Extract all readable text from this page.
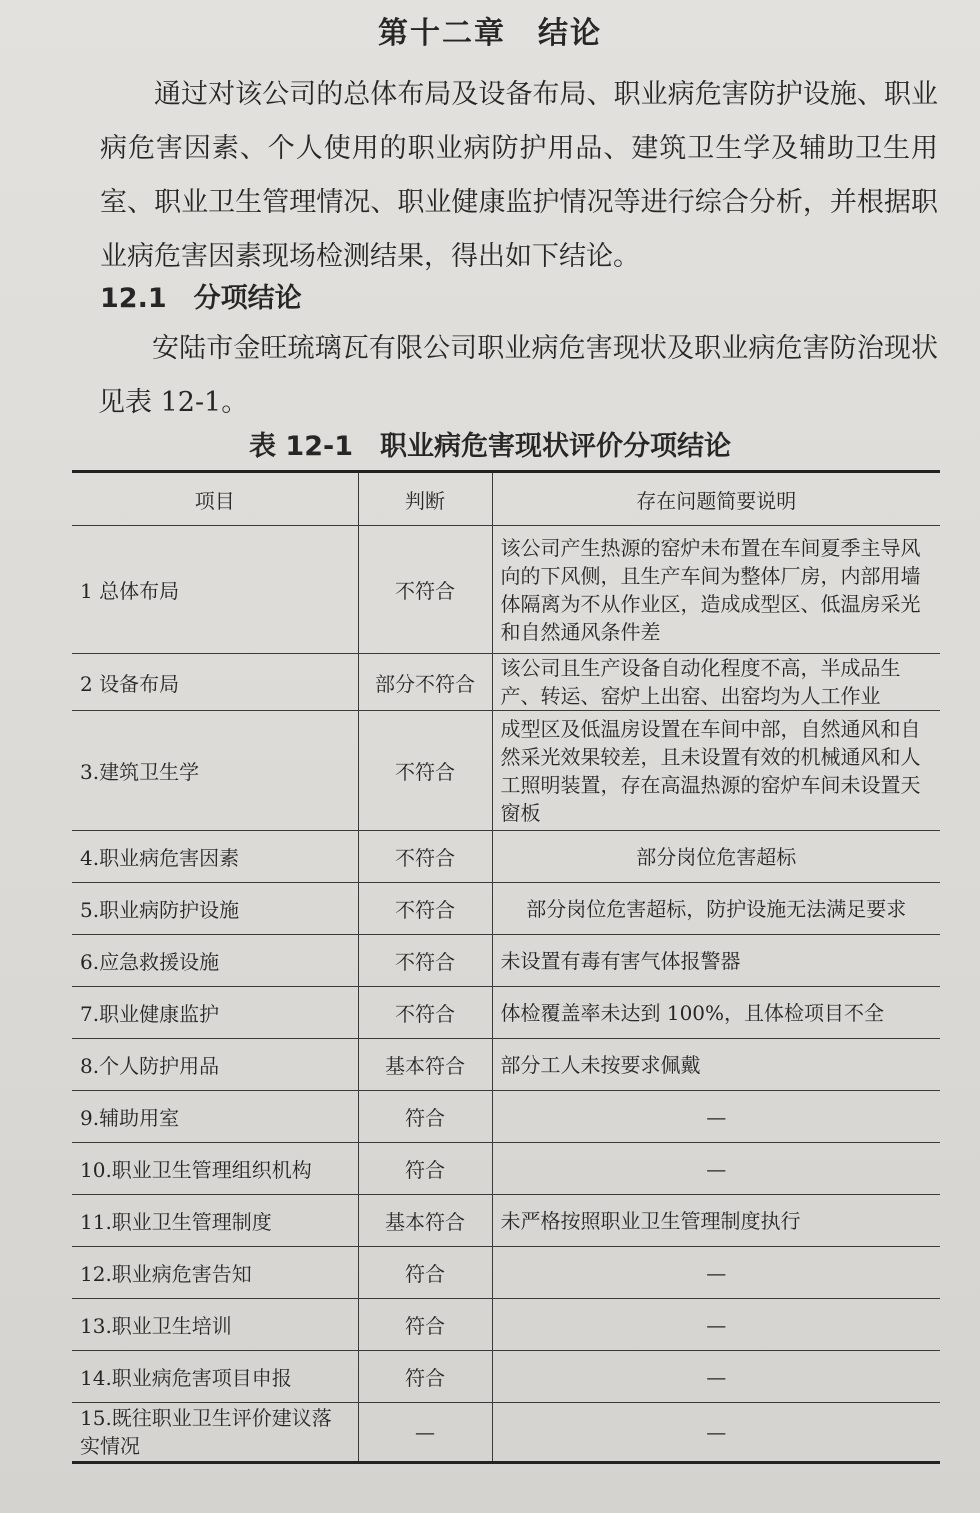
第十二章　结论

通过对该公司的总体布局及设备布局、职业病危害防护设施、职业病危害因素、个人使用的职业病防护用品、建筑卫生学及辅助卫生用室、职业卫生管理情况、职业健康监护情况等进行综合分析，并根据职业病危害因素现场检测结果，得出如下结论。

12.1　分项结论

安陆市金旺琉璃瓦有限公司职业病危害现状及职业病危害防治现状见表 12-1。

表 12-1　职业病危害现状评价分项结论
项目	判断	存在问题简要说明
1 总体布局	不符合	该公司产生热源的窑炉未布置在车间夏季主导风向的下风侧，且生产车间为整体厂房，内部用墙体隔离为不从作业区，造成成型区、低温房采光和自然通风条件差
2 设备布局	部分不符合	该公司且生产设备自动化程度不高，半成品生产、转运、窑炉上出窑、出窑均为人工作业
3.建筑卫生学	不符合	成型区及低温房设置在车间中部，自然通风和自然采光效果较差，且未设置有效的机械通风和人工照明装置，存在高温热源的窑炉车间未设置天窗板
4.职业病危害因素	不符合	部分岗位危害超标
5.职业病防护设施	不符合	部分岗位危害超标，防护设施无法满足要求
6.应急救援设施	不符合	未设置有毒有害气体报警器
7.职业健康监护	不符合	体检覆盖率未达到 100%，且体检项目不全
8.个人防护用品	基本符合	部分工人未按要求佩戴
9.辅助用室	符合	—
10.职业卫生管理组织机构	符合	—
11.职业卫生管理制度	基本符合	未严格按照职业卫生管理制度执行
12.职业病危害告知	符合	—
13.职业卫生培训	符合	—
14.职业病危害项目申报	符合	—
15.既往职业卫生评价建议落实情况	—	—
